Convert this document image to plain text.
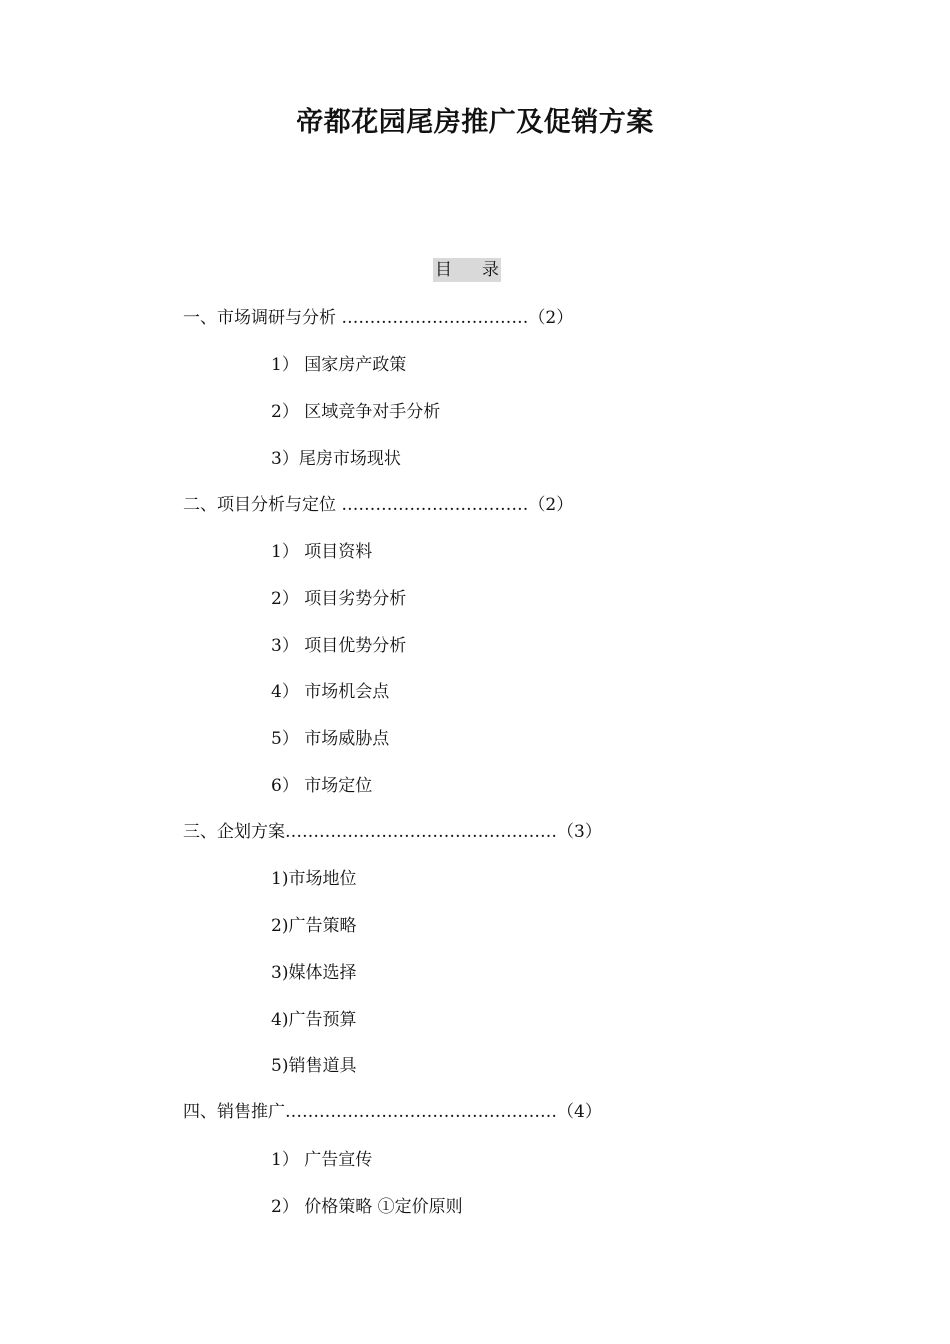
帝都花园尾房推广及促销方案
目 录
一、市场调研与分析 ……………………………（2）
1） 国家房产政策
2） 区域竞争对手分析
3）尾房市场现状
二、项目分析与定位 ……………………………（2）
1） 项目资料
2） 项目劣势分析
3） 项目优势分析
4） 市场机会点
5） 市场威胁点
6） 市场定位
三、企划方案…………………………………………（3）
1)市场地位
2)广告策略
3)媒体选择
4)广告预算
5)销售道具
四、销售推广…………………………………………（4）
1） 广告宣传
2） 价格策略 ①定价原则
